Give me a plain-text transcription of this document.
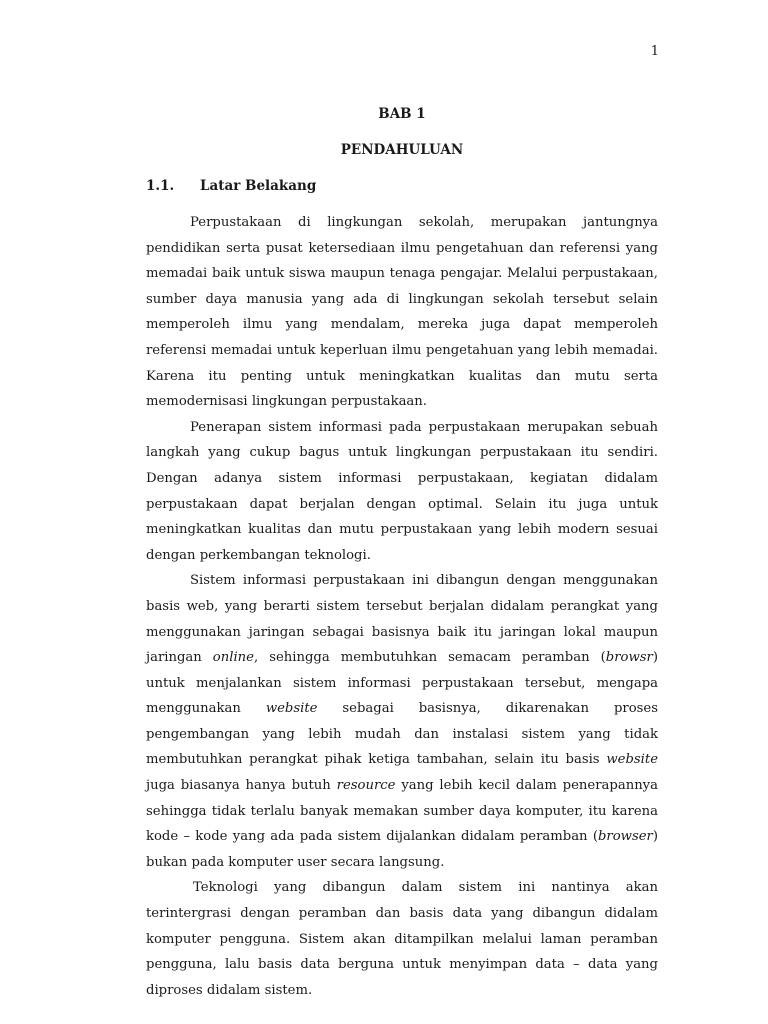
1
BAB 1
PENDAHULUAN
1.1. Latar Belakang

Perpustakaan di lingkungan sekolah, merupakan jantungnya pendidikan serta pusat ketersediaan ilmu pengetahuan dan referensi yang memadai baik untuk siswa maupun tenaga pengajar. Melalui perpustakaan, sumber daya manusia yang ada di lingkungan sekolah tersebut selain memperoleh ilmu yang mendalam, mereka juga dapat memperoleh referensi memadai untuk keperluan ilmu pengetahuan yang lebih memadai. Karena itu penting untuk meningkatkan kualitas dan mutu serta memodernisasi lingkungan perpustakaan.

Penerapan sistem informasi pada perpustakaan merupakan sebuah langkah yang cukup bagus untuk lingkungan perpustakaan itu sendiri. Dengan adanya sistem informasi perpustakaan, kegiatan didalam perpustakaan dapat berjalan dengan optimal. Selain itu juga untuk meningkatkan kualitas dan mutu perpustakaan yang lebih modern sesuai dengan perkembangan teknologi.

Sistem informasi perpustakaan ini dibangun dengan menggunakan basis web, yang berarti sistem tersebut berjalan didalam perangkat yang menggunakan jaringan sebagai basisnya baik itu jaringan lokal maupun jaringan online, sehingga membutuhkan semacam peramban (browsr) untuk menjalankan sistem informasi perpustakaan tersebut, mengapa menggunakan website sebagai basisnya, dikarenakan proses pengembangan yang lebih mudah dan instalasi sistem yang tidak membutuhkan perangkat pihak ketiga tambahan, selain itu basis website juga biasanya hanya butuh resource yang lebih kecil dalam penerapannya sehingga tidak terlalu banyak memakan sumber daya komputer, itu karena kode – kode yang ada pada sistem dijalankan didalam peramban (browser) bukan pada komputer user secara langsung.

Teknologi yang dibangun dalam sistem ini nantinya akan terintergrasi dengan peramban dan basis data yang dibangun didalam komputer pengguna. Sistem akan ditampilkan melalui laman peramban pengguna, lalu basis data berguna untuk menyimpan data – data yang diproses didalam sistem.
